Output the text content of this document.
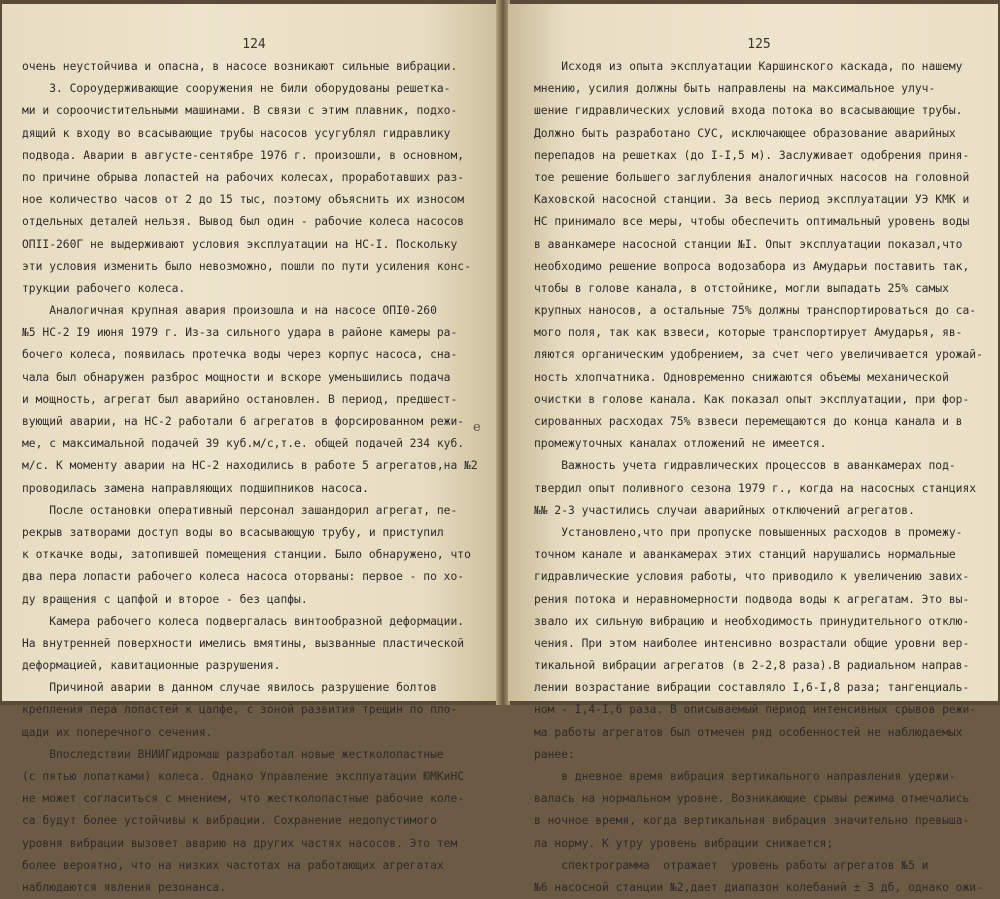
124
очень неустойчива и опасна, в насосе возникают сильные вибрации.
3. Сороудерживающие сооружения не били оборудованы решетка-
ми и сороочистительными машинами. В связи с этим плавник, подхо-
дящий к входу во всасывающие трубы насосов усугублял гидравлику
подвода. Аварии в августе-сентябре 1976 г. произошли, в основном,
по причине обрыва лопастей на рабочих колесах, проработавших раз-
ное количество часов от 2 до 15 тыс, поэтому объяснить их износом
отдельных деталей нельзя. Вывод был один - рабочие колеса насосов
ОПII-260Г не выдерживают условия эксплуатации на НС-I. Поскольку
эти условия изменить было невозможно, пошли по пути усиления конс-
трукции рабочего колеса.
Аналогичная крупная авария произошла и на насосе ОПI0-260
№5 НС-2 I9 июня 1979 г. Из-за сильного удара в районе камеры ра-
бочего колеса, появилась протечка воды через корпус насоса, сна-
чала был обнаружен разброс мощности и вскоре уменьшились подача
и мощность, агрегат был аварийно остановлен. В период, предшест-
вующий аварии, на НС-2 работали 6 агрегатов в форсированном режи-
ме, с максимальной подачей 39 куб.м/с,т.е. общей подачей 234 куб.
м/с. К моменту аварии на НС-2 находились в работе 5 агрегатов,на №2
проводилась замена направляющих подшипников насоса.
После остановки оперативный персонал зашандорил агрегат, пе-
рекрыв затворами доступ воды во всасывающую трубу, и приступил
к откачке воды, затопившей помещения станции. Было обнаружено, что
два пера лопасти рабочего колеса насоса оторваны: первое - по хо-
ду вращения с цапфой и второе - без цапфы.
Камера рабочего колеса подвергалась винтообразной деформации.
На внутренней поверхности имелись вмятины, вызванные пластической
деформацией, кавитационные разрушения.
Причиной аварии в данном случае явилось разрушение болтов
крепления пера лопастей к цапфе, с зоной развития трещин по пло-
щади их поперечного сечения.
Впоследствии ВНИИГидромаш разработал новые жестколопастные
(с пятью лопатками) колеса. Однако Управление эксплуатации ЮМКиНС
не может согласиться с мнением, что жестколопастные рабочие коле-
са будут более устойчивы к вибрации. Сохранение недопустимого
уровня вибрации вызовет аварию на других частях насосов. Это тем
более вероятно, что на низких частотах на работающих агрегатах
наблюдаются явления резонанса.
125
Исходя из опыта эксплуатации Каршинского каскада, по нашему
мнению, усилия должны быть направлены на максимальное улуч-
шение гидравлических условий входа потока во всасывающие трубы.
Должно быть разработано СУС, исключающее образование аварийных
перепадов на решетках (до I-I,5 м). Заслуживает одобрения приня-
тое решение большего заглубления аналогичных насосов на головной
Каховской насосной станции. За весь период эксплуатации УЭ КМК и
НС принимало все меры, чтобы обеспечить оптимальный уровень воды
в аванкамере насосной станции №I. Опыт эксплуатации показал,что
необходимо решение вопроса водозабора из Амударьи поставить так,
чтобы в голове канала, в отстойнике, могли выпадать 25% самых
крупных наносов, а остальные 75% должны транспортироваться до са-
мого поля, так как взвеси, которые транспортирует Амударья, яв-
ляются органическим удобрением, за счет чего увеличивается урожай-
ность хлопчатника. Одновременно снижаются объемы механической
очистки в голове канала. Как показал опыт эксплуатации, при фор-
сированных расходах 75% взвеси перемещаются до конца канала и в
промежуточных каналах отложений не имеется.
Важность учета гидравлических процессов в аванкамерах под-
твердил опыт поливного сезона 1979 г., когда на насосных станциях
№№ 2-3 участились случаи аварийных отключений агрегатов.
Установлено,что при пропуске повышенных расходов в промежу-
точном канале и аванкамерах этих станций нарушались нормальные
гидравлические условия работы, что приводило к увеличению завих-
рения потока и неравномерности подвода воды к агрегатам. Это вы-
звало их сильную вибрацию и необходимость принудительного отклю-
чения. При этом наиболее интенсивно возрастали общие уровни вер-
тикальной вибрации агрегатов (в 2-2,8 раза).В радиальном направ-
лении возрастание вибрации составляло I,6-I,8 раза; тангенциаль-
ном - I,4-I,6 раза. В описываемый период интенсивных срывов режи-
ма работы агрегатов был отмечен ряд особенностей не наблюдаемых
ранее:
в дневное время вибрация вертикального направления удержи-
валась на нормальном уровне. Возникающие срывы режима отмечались
в ночное время, когда вертикальная вибрация значительно превыша-
ла норму. К утру уровень вибрации снижается;
спектрограмма  отражает  уровень работы агрегатов №5 и
№6 насосной станции №2,дает диапазон колебаний ± 3 дб, однако ожи-
e
